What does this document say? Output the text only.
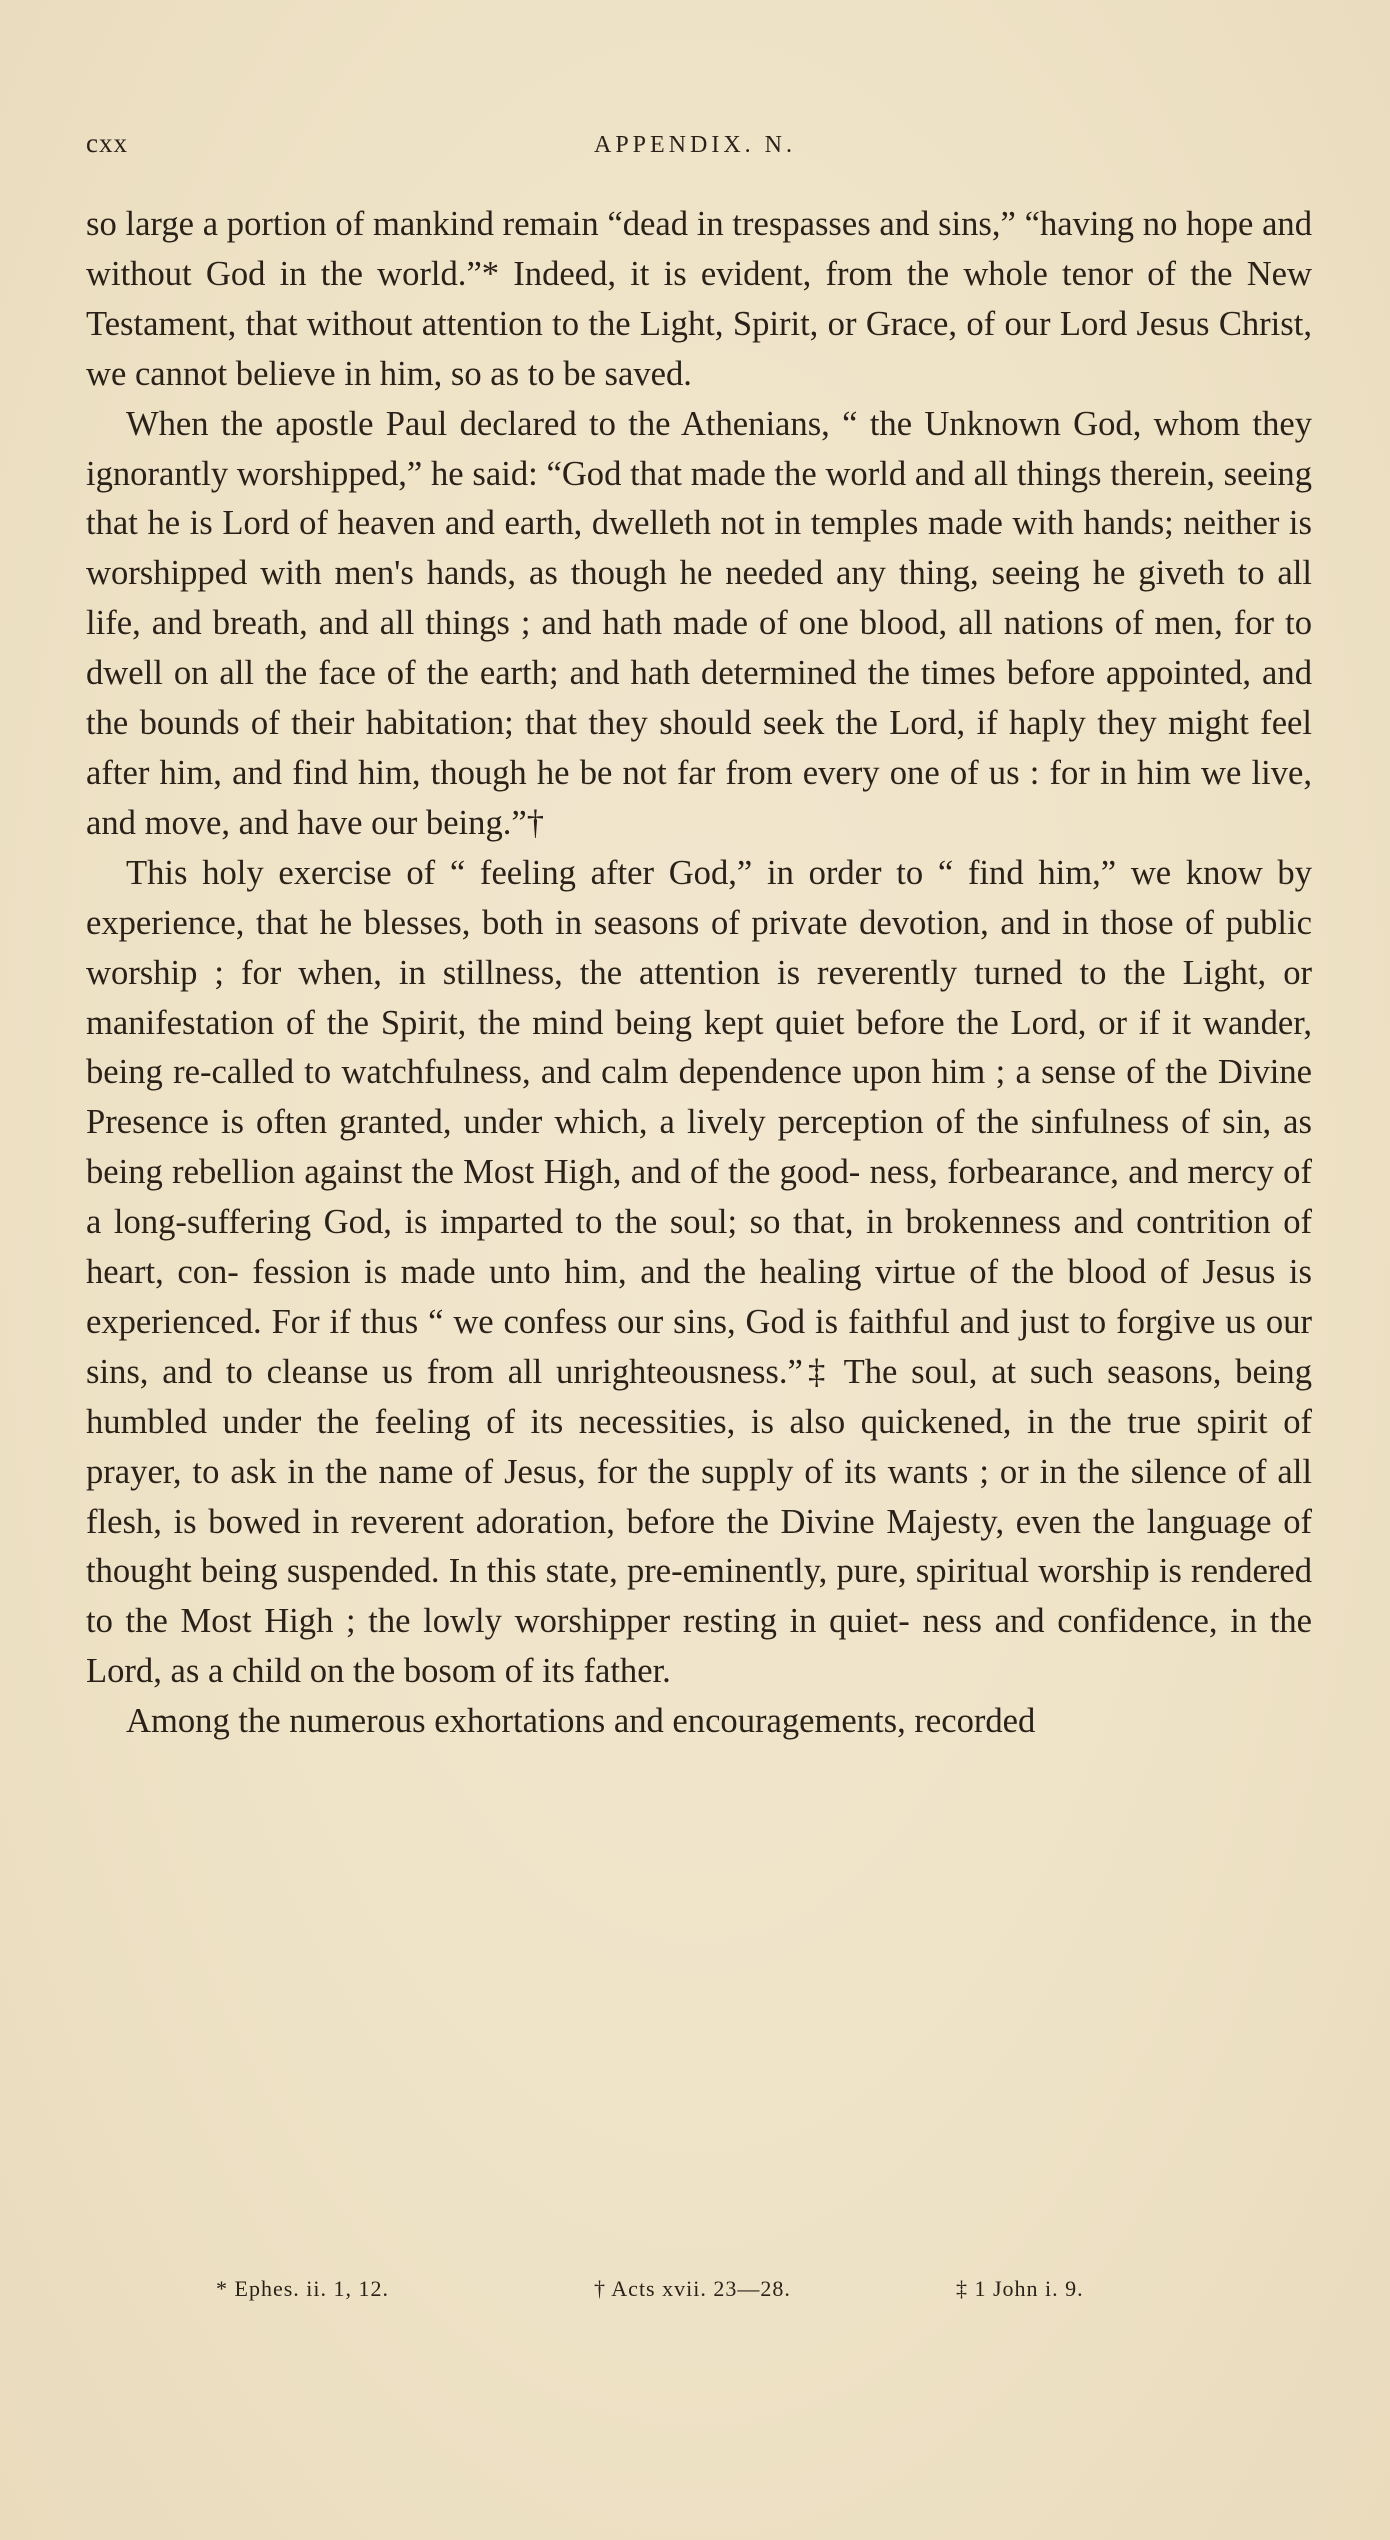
cxx	APPENDIX. N.

so large a portion of mankind remain “dead in trespasses and sins,” “having no hope and without God in the world.”* Indeed, it is evident, from the whole tenor of the New Testament, that without attention to the Light, Spirit, or Grace, of our Lord Jesus Christ, we cannot believe in him, so as to be saved.

When the apostle Paul declared to the Athenians, “ the Unknown God, whom they ignorantly worshipped,” he said: “God that made the world and all things therein, seeing that he is Lord of heaven and earth, dwelleth not in temples made with hands; neither is worshipped with men's hands, as though he needed any thing, seeing he giveth to all life, and breath, and all things ; and hath made of one blood, all nations of men, for to dwell on all the face of the earth; and hath determined the times before appointed, and the bounds of their habitation; that they should seek the Lord, if haply they might feel after him, and find him, though he be not far from every one of us : for in him we live, and move, and have our being.”†

This holy exercise of “ feeling after God,” in order to “ find him,” we know by experience, that he blesses, both in seasons of private devotion, and in those of public worship ; for when, in stillness, the attention is reverently turned to the Light, or manifestation of the Spirit, the mind being kept quiet before the Lord, or if it wander, being re-called to watchfulness, and calm dependence upon him ; a sense of the Divine Presence is often granted, under which, a lively perception of the sinfulness of sin, as being rebellion against the Most High, and of the good- ness, forbearance, and mercy of a long-suffering God, is imparted to the soul; so that, in brokenness and contrition of heart, con- fession is made unto him, and the healing virtue of the blood of Jesus is experienced. For if thus “ we confess our sins, God is faithful and just to forgive us our sins, and to cleanse us from all unrighteousness.”‡ The soul, at such seasons, being humbled under the feeling of its necessities, is also quickened, in the true spirit of prayer, to ask in the name of Jesus, for the supply of its wants ; or in the silence of all flesh, is bowed in reverent adoration, before the Divine Majesty, even the language of thought being suspended. In this state, pre-eminently, pure, spiritual worship is rendered to the Most High ; the lowly worshipper resting in quiet- ness and confidence, in the Lord, as a child on the bosom of its father.

Among the numerous exhortations and encouragements, recorded

* Ephes. ii. 1, 12.	† Acts xvii. 23—28.	‡ 1 John i. 9.
